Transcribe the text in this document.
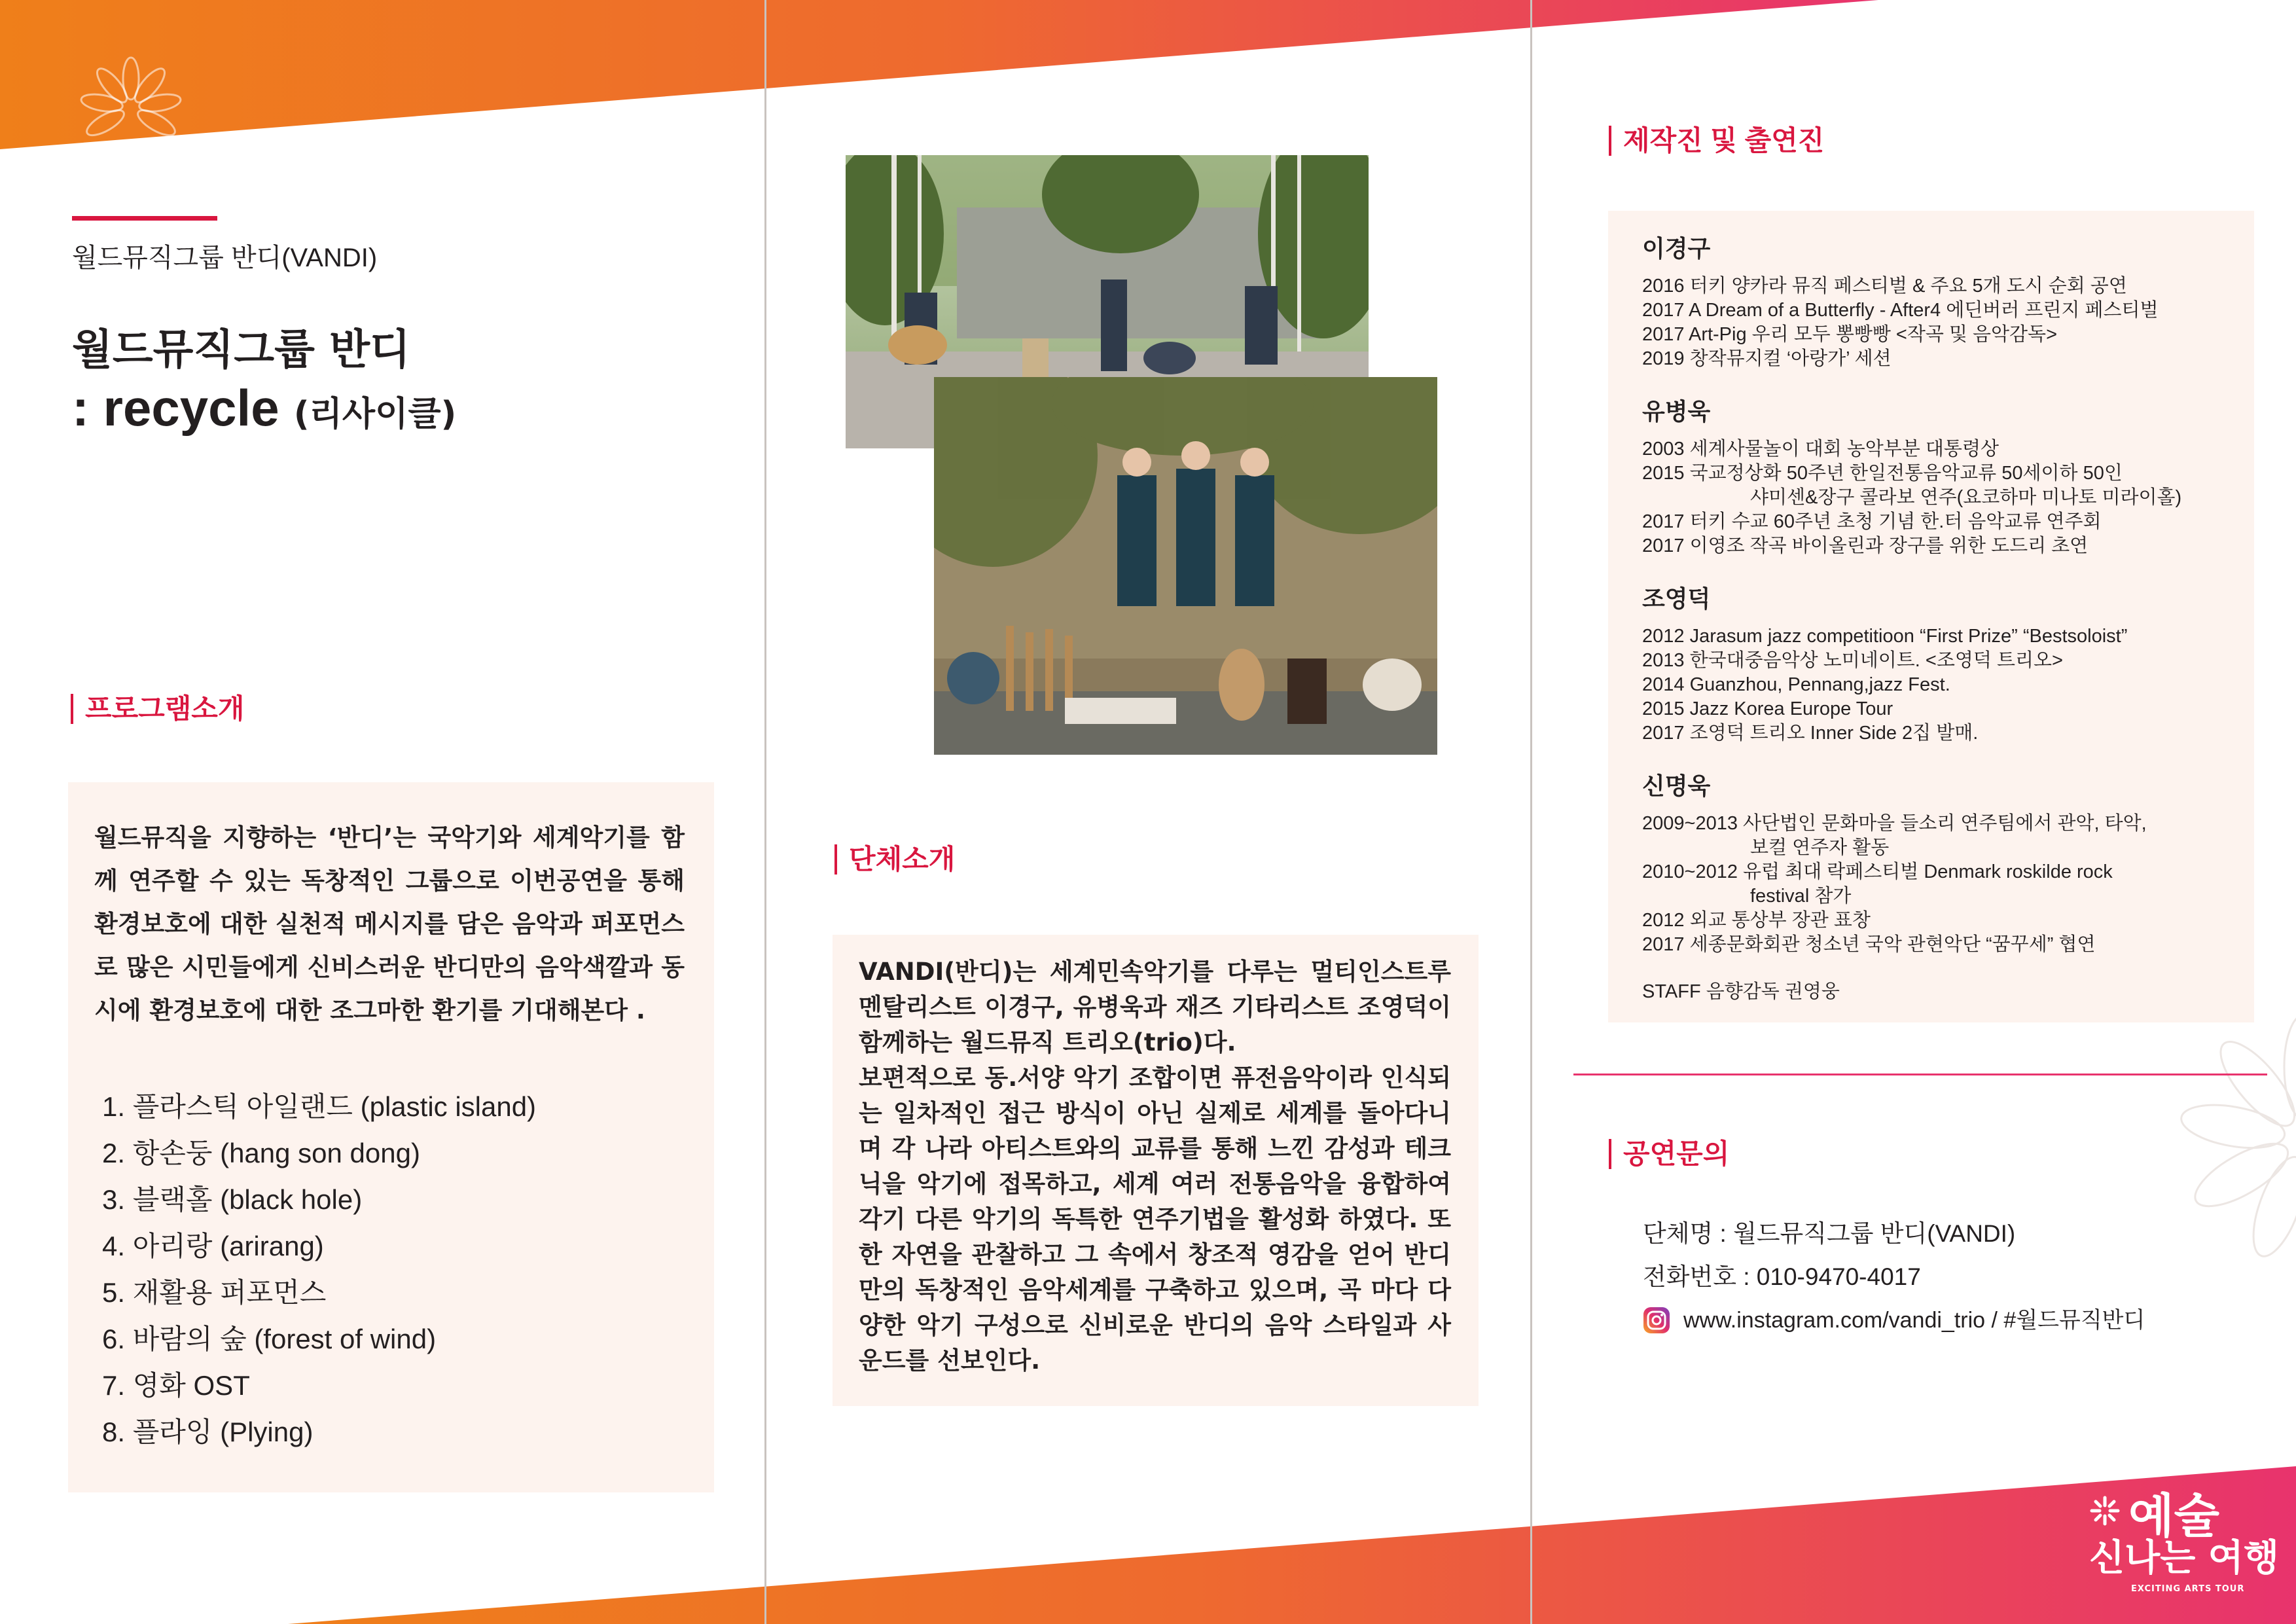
월드뮤직그룹 반디(VANDI)
월드뮤직그룹 반디
: recycle (리사이클)
프로그램소개
월드뮤직을 지향하는 ‘반디’는 국악기와 세계악기를 함께 연주할 수 있는 독창적인 그룹으로 이번공연을 통해 환경보호에 대한 실천적 메시지를 담은 음악과 퍼포먼스로 많은 시민들에게 신비스러운 반디만의 음악색깔과 동시에 환경보호에 대한 조그마한 환기를 기대해본다 .
1. 플라스틱 아일랜드 (plastic island)
2. 항손둥 (hang son dong)
3. 블랙홀 (black hole)
4. 아리랑 (arirang)
5. 재활용 퍼포먼스
6. 바람의 숲 (forest of wind)
7. 영화 OST
8. 플라잉 (Plying)
단체소개
VANDI(반디)는 세계민속악기를 다루는 멀티인스트루멘탈리스트 이경구, 유병욱과 재즈 기타리스트 조영덕이 함께하는 월드뮤직 트리오(trio)다.
보편적으로 동.서양 악기 조합이면 퓨전음악이라 인식되는 일차적인 접근 방식이 아닌 실제로 세계를 돌아다니며 각 나라 아티스트와의 교류를 통해 느낀 감성과 테크닉을 악기에 접목하고, 세계 여러 전통음악을 융합하여 각기 다른 악기의 독특한 연주기법을 활성화 하였다. 또한 자연을 관찰하고 그 속에서 창조적 영감을 얻어 반디만의 독창적인 음악세계를 구축하고 있으며, 곡 마다 다양한 악기 구성으로 신비로운 반디의 음악 스타일과 사운드를 선보인다.
제작진 및 출연진
이경구
2016 터키 양카라 뮤직 페스티벌 & 주요 5개 도시 순회 공연
2017 A Dream of a Butterfly - After4 에딘버러 프린지 페스티벌
2017 Art-Pig 우리 모두 뽕빵빵 <작곡 및 음악감독>
2019 창작뮤지컬 ‘아랑가’ 세션
유병욱
2003 세계사물놀이 대회 농악부분 대통령상
2015 국교정상화 50주년 한일전통음악교류 50세이하 50인
샤미센&장구 콜라보 연주(요코하마 미나토 미라이홀)
2017 터키 수교 60주년 초청 기념 한.터 음악교류 연주회
2017 이영조 작곡 바이올린과 장구를 위한 도드리 초연
조영덕
2012 Jarasum jazz competitioon “First Prize” “Bestsoloist”
2013 한국대중음악상 노미네이트. <조영덕 트리오>
2014 Guanzhou, Pennang,jazz Fest.
2015 Jazz Korea Europe Tour
2017 조영덕 트리오 Inner Side 2집 발매.
신명욱
2009~2013 사단법인 문화마을 들소리 연주팀에서 관악, 타악,
보컬 연주자 활동
2010~2012 유럽 최대 락페스티벌 Denmark roskilde rock
festival 참가
2012 외교 통상부 장관 표창
2017 세종문화회관 청소년 국악 관현악단 “꿈꾸세” 협연
STAFF 음향감독 권영웅
공연문의
단체명 : 월드뮤직그룹 반디(VANDI)
전화번호 : 010-9470-4017
www.instagram.com/vandi_trio / #월드뮤직반디
예술
신나는 여행
EXCITING ARTS TOUR
